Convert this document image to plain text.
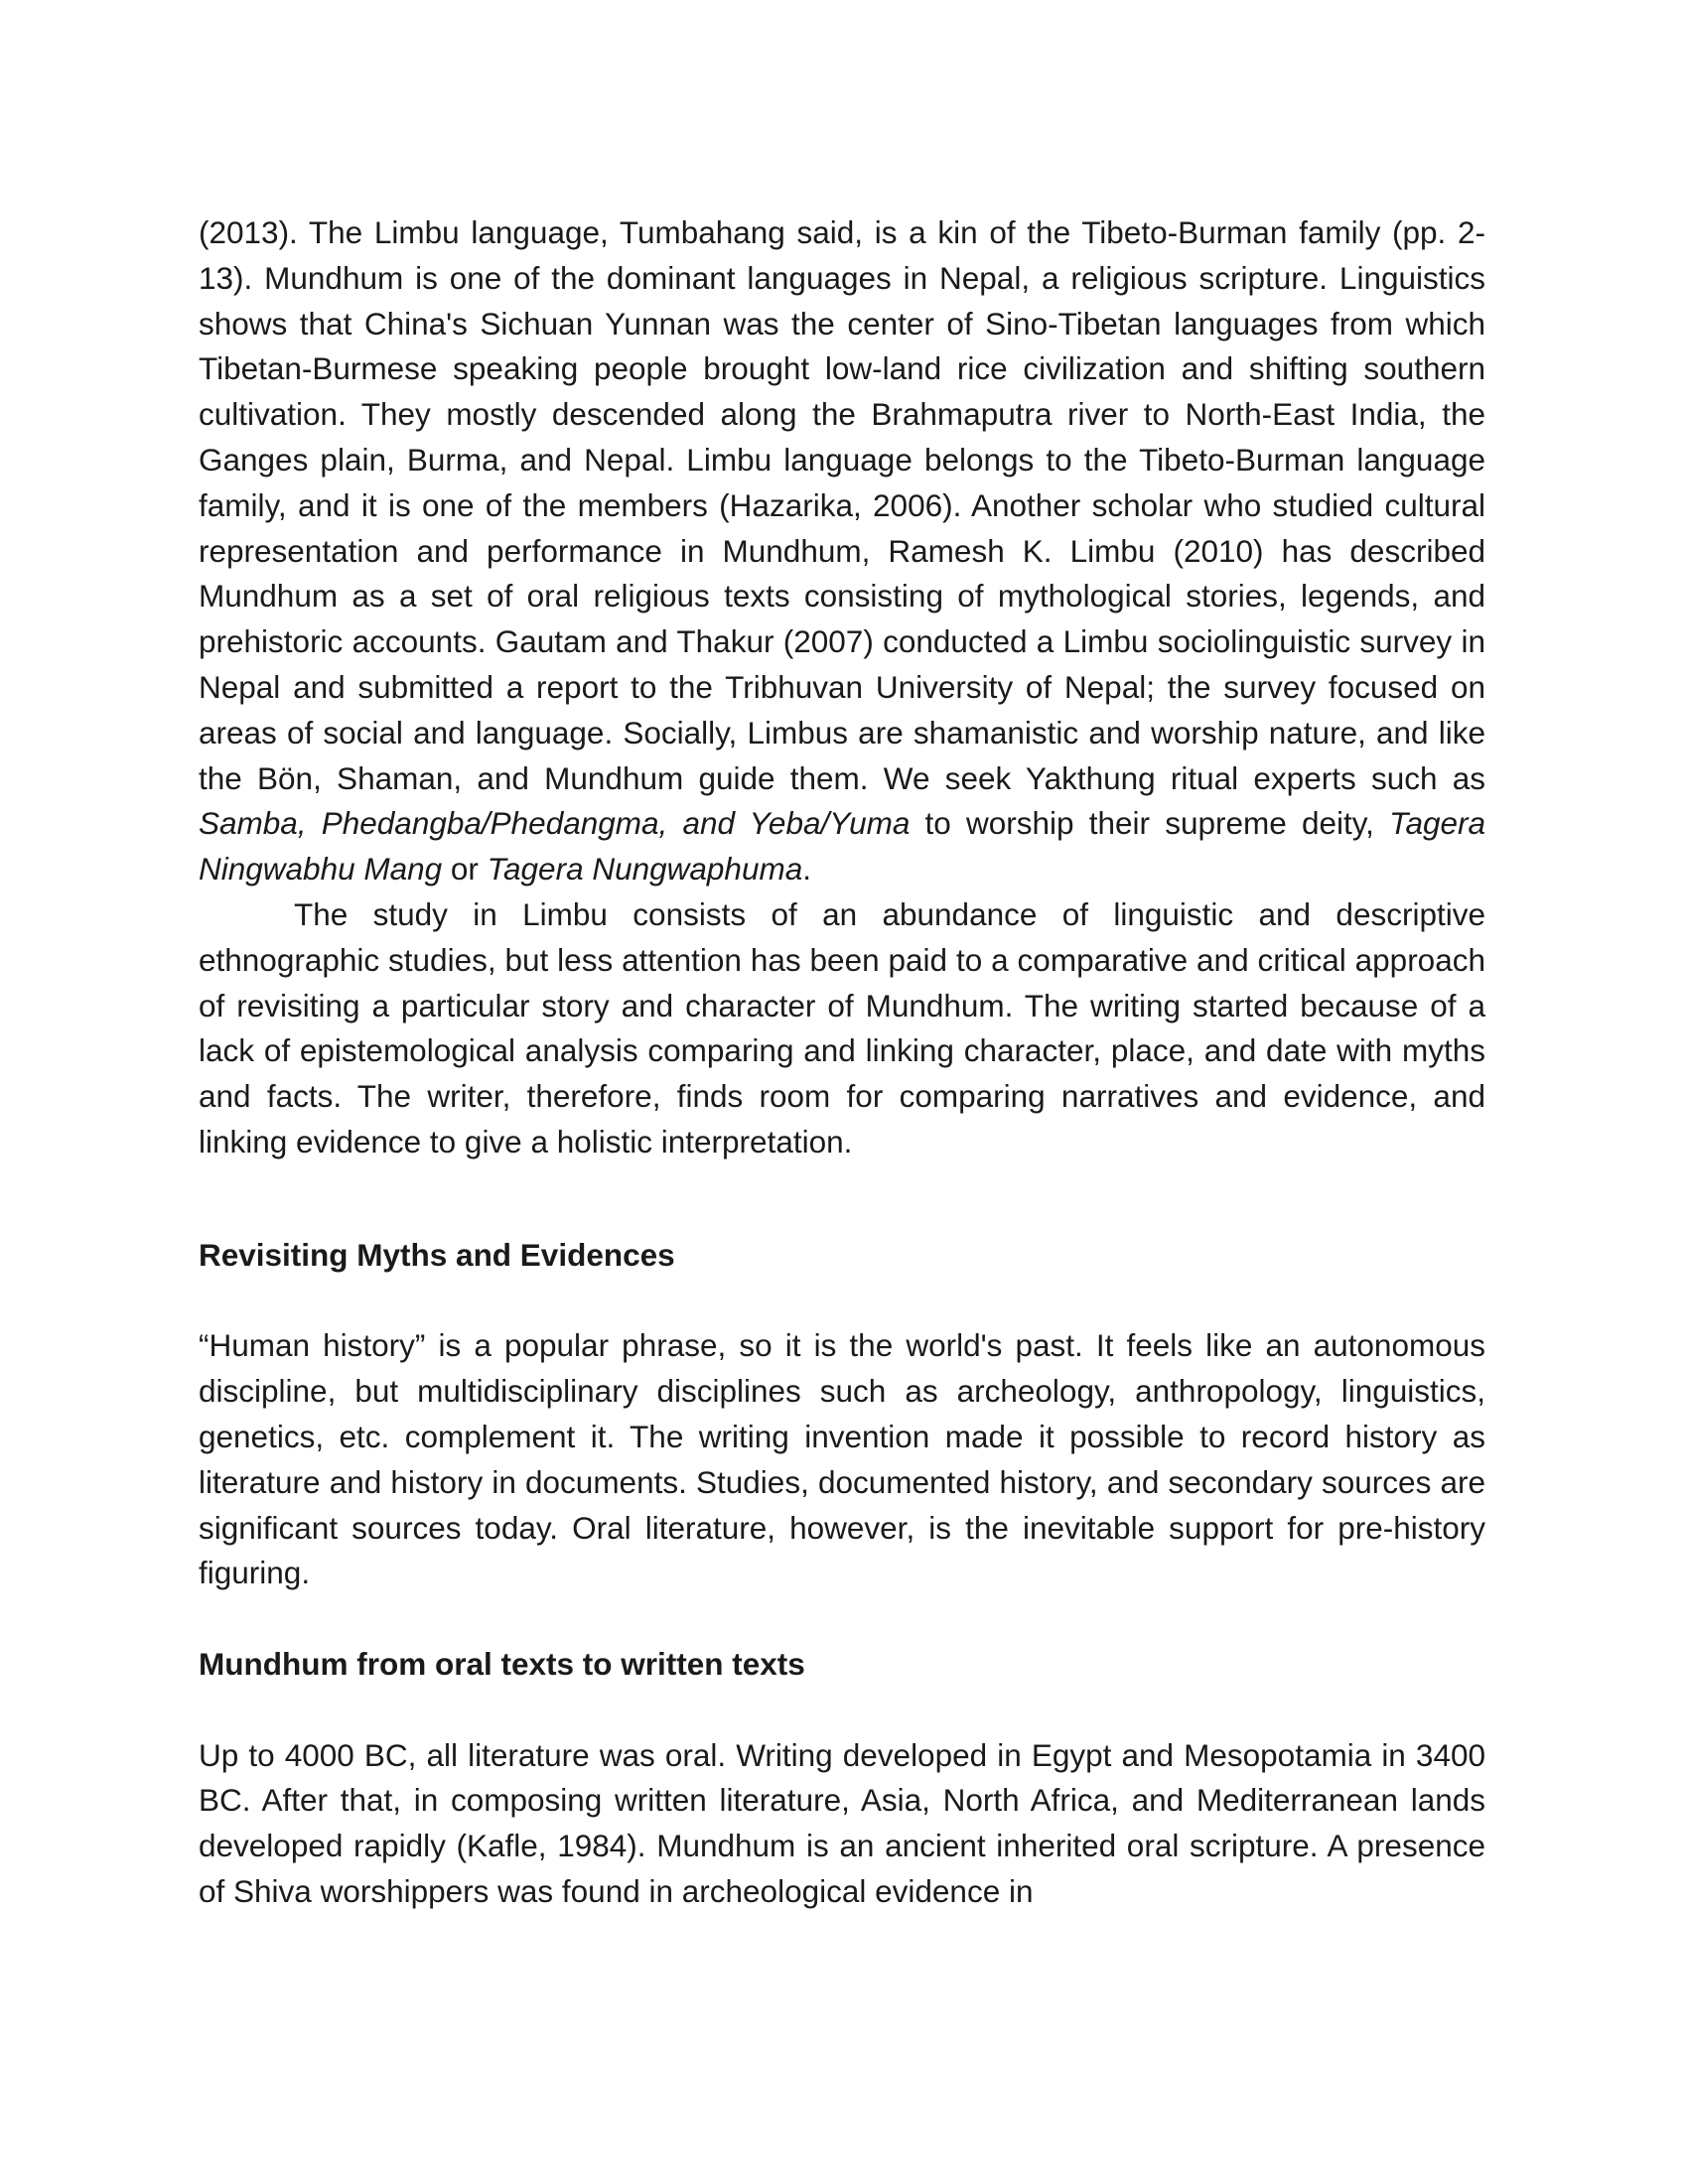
(2013). The Limbu language, Tumbahang said, is a kin of the Tibeto-Burman family (pp. 2-13). Mundhum is one of the dominant languages in Nepal, a religious scripture. Linguistics shows that China's Sichuan Yunnan was the center of Sino-Tibetan languages from which Tibetan-Burmese speaking people brought low-land rice civilization and shifting southern cultivation. They mostly descended along the Brahmaputra river to North-East India, the Ganges plain, Burma, and Nepal. Limbu language belongs to the Tibeto-Burman language family, and it is one of the members (Hazarika, 2006). Another scholar who studied cultural representation and performance in Mundhum, Ramesh K. Limbu (2010) has described Mundhum as a set of oral religious texts consisting of mythological stories, legends, and prehistoric accounts. Gautam and Thakur (2007) conducted a Limbu sociolinguistic survey in Nepal and submitted a report to the Tribhuvan University of Nepal; the survey focused on areas of social and language. Socially, Limbus are shamanistic and worship nature, and like the Bön, Shaman, and Mundhum guide them. We seek Yakthung ritual experts such as Samba, Phedangba/Phedangma, and Yeba/Yuma to worship their supreme deity, Tagera Ningwabhu Mang or Tagera Nungwaphuma.

The study in Limbu consists of an abundance of linguistic and descriptive ethnographic studies, but less attention has been paid to a comparative and critical approach of revisiting a particular story and character of Mundhum. The writing started because of a lack of epistemological analysis comparing and linking character, place, and date with myths and facts. The writer, therefore, finds room for comparing narratives and evidence, and linking evidence to give a holistic interpretation.

Revisiting Myths and Evidences

“Human history” is a popular phrase, so it is the world's past. It feels like an autonomous discipline, but multidisciplinary disciplines such as archeology, anthropology, linguistics, genetics, etc. complement it. The writing invention made it possible to record history as literature and history in documents. Studies, documented history, and secondary sources are significant sources today. Oral literature, however, is the inevitable support for pre-history figuring.

Mundhum from oral texts to written texts

Up to 4000 BC, all literature was oral. Writing developed in Egypt and Mesopotamia in 3400 BC. After that, in composing written literature, Asia, North Africa, and Mediterranean lands developed rapidly (Kafle, 1984). Mundhum is an ancient inherited oral scripture. A presence of Shiva worshippers was found in archeological evidence in
